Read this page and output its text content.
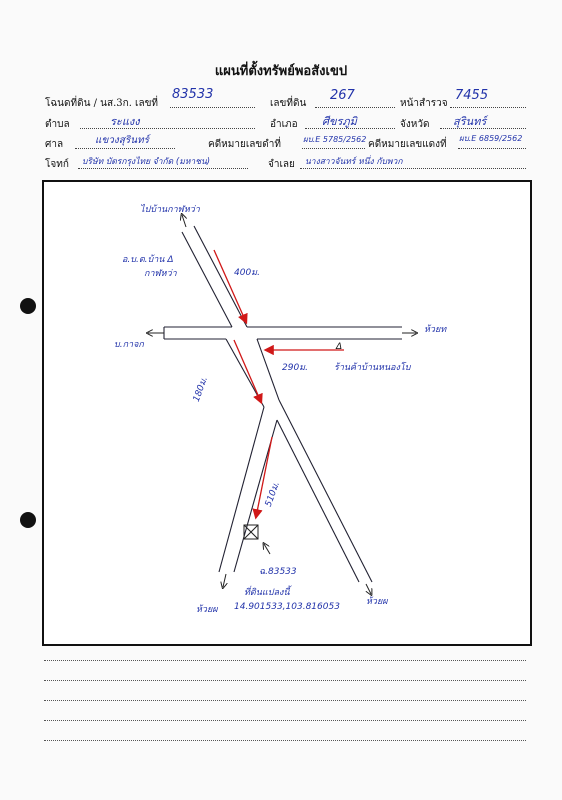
แผนที่ตั้งทรัพย์พอสังเขป
โฉนดที่ดิน / นส.3ก. เลขที่
83533
เลขที่ดิน
267
หน้าสำรวจ
7455
ตำบล	ระแงง	อำเภอ ศีขรภูมิ	จังหวัด สุรินทร์
ศาล	แขวงสุรินทร์	คดีหมายเลขดำที่	ผบ.E 5785/2562 คดีหมายเลขแดงที่
ผบ.E 6859/2562
โจทก์ บริษัท บัตรกรุงไทย จำกัด (มหาชน)	จำเลย นางสาวจันทร์ หนึ่ง กับพวก
ไปบ้านกาฬหว่า
อ.บ.ต.บ้าน Δ
กาฬหว่า	400ม.
บ.กาจก
ห้วยท
Δ
290ม.	ร้านค้าบ้านหนองโบ
180ม.
510ม.
ฉ.83533
ที่ดินแปลงนี้
14.901533,103.816053
ห้วยผ
ห้วยผ
